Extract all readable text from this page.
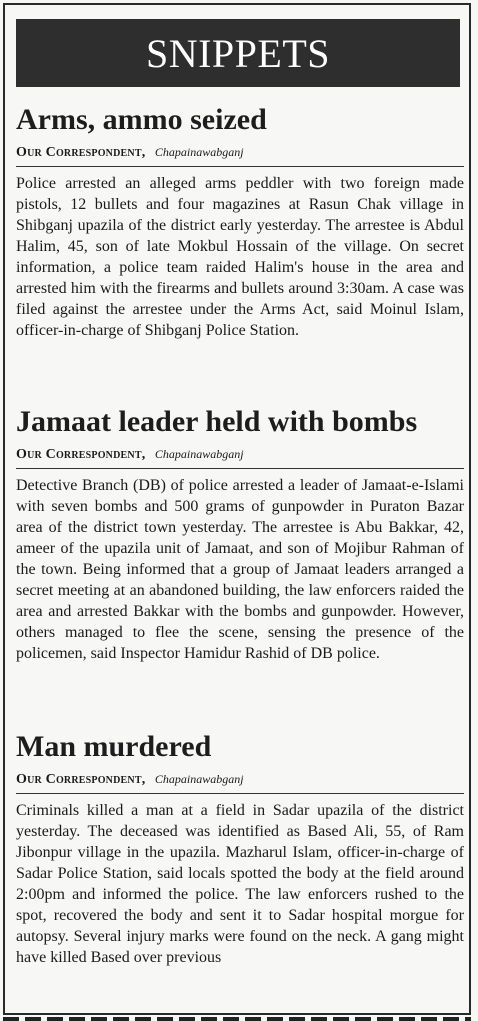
SNIPPETS
Arms, ammo seized
Our Correspondent, Chapainawabganj
Police arrested an alleged arms peddler with two foreign made pistols, 12 bullets and four magazines at Rasun Chak village in Shibganj upazila of the district early yesterday. The arrestee is Abdul Halim, 45, son of late Mokbul Hossain of the village. On secret information, a police team raided Halim's house in the area and arrested him with the firearms and bullets around 3:30am. A case was filed against the arrestee under the Arms Act, said Moinul Islam, officer-in-charge of Shibganj Police Station.
Jamaat leader held with bombs
Our Correspondent, Chapainawabganj
Detective Branch (DB) of police arrested a leader of Jamaat-e-Islami with seven bombs and 500 grams of gunpowder in Puraton Bazar area of the district town yesterday. The arrestee is Abu Bakkar, 42, ameer of the upazila unit of Jamaat, and son of Mojibur Rahman of the town. Being informed that a group of Jamaat leaders arranged a secret meeting at an abandoned building, the law enforcers raided the area and arrested Bakkar with the bombs and gunpowder. However, others managed to flee the scene, sensing the presence of the policemen, said Inspector Hamidur Rashid of DB police.
Man murdered
Our Correspondent, Chapainawabganj
Criminals killed a man at a field in Sadar upazila of the district yesterday. The deceased was identified as Based Ali, 55, of Ram Jibonpur village in the upazila. Mazharul Islam, officer-in-charge of Sadar Police Station, said locals spotted the body at the field around 2:00pm and informed the police. The law enforcers rushed to the spot, recovered the body and sent it to Sadar hospital morgue for autopsy. Several injury marks were found on the neck. A gang might have killed Based over previous
